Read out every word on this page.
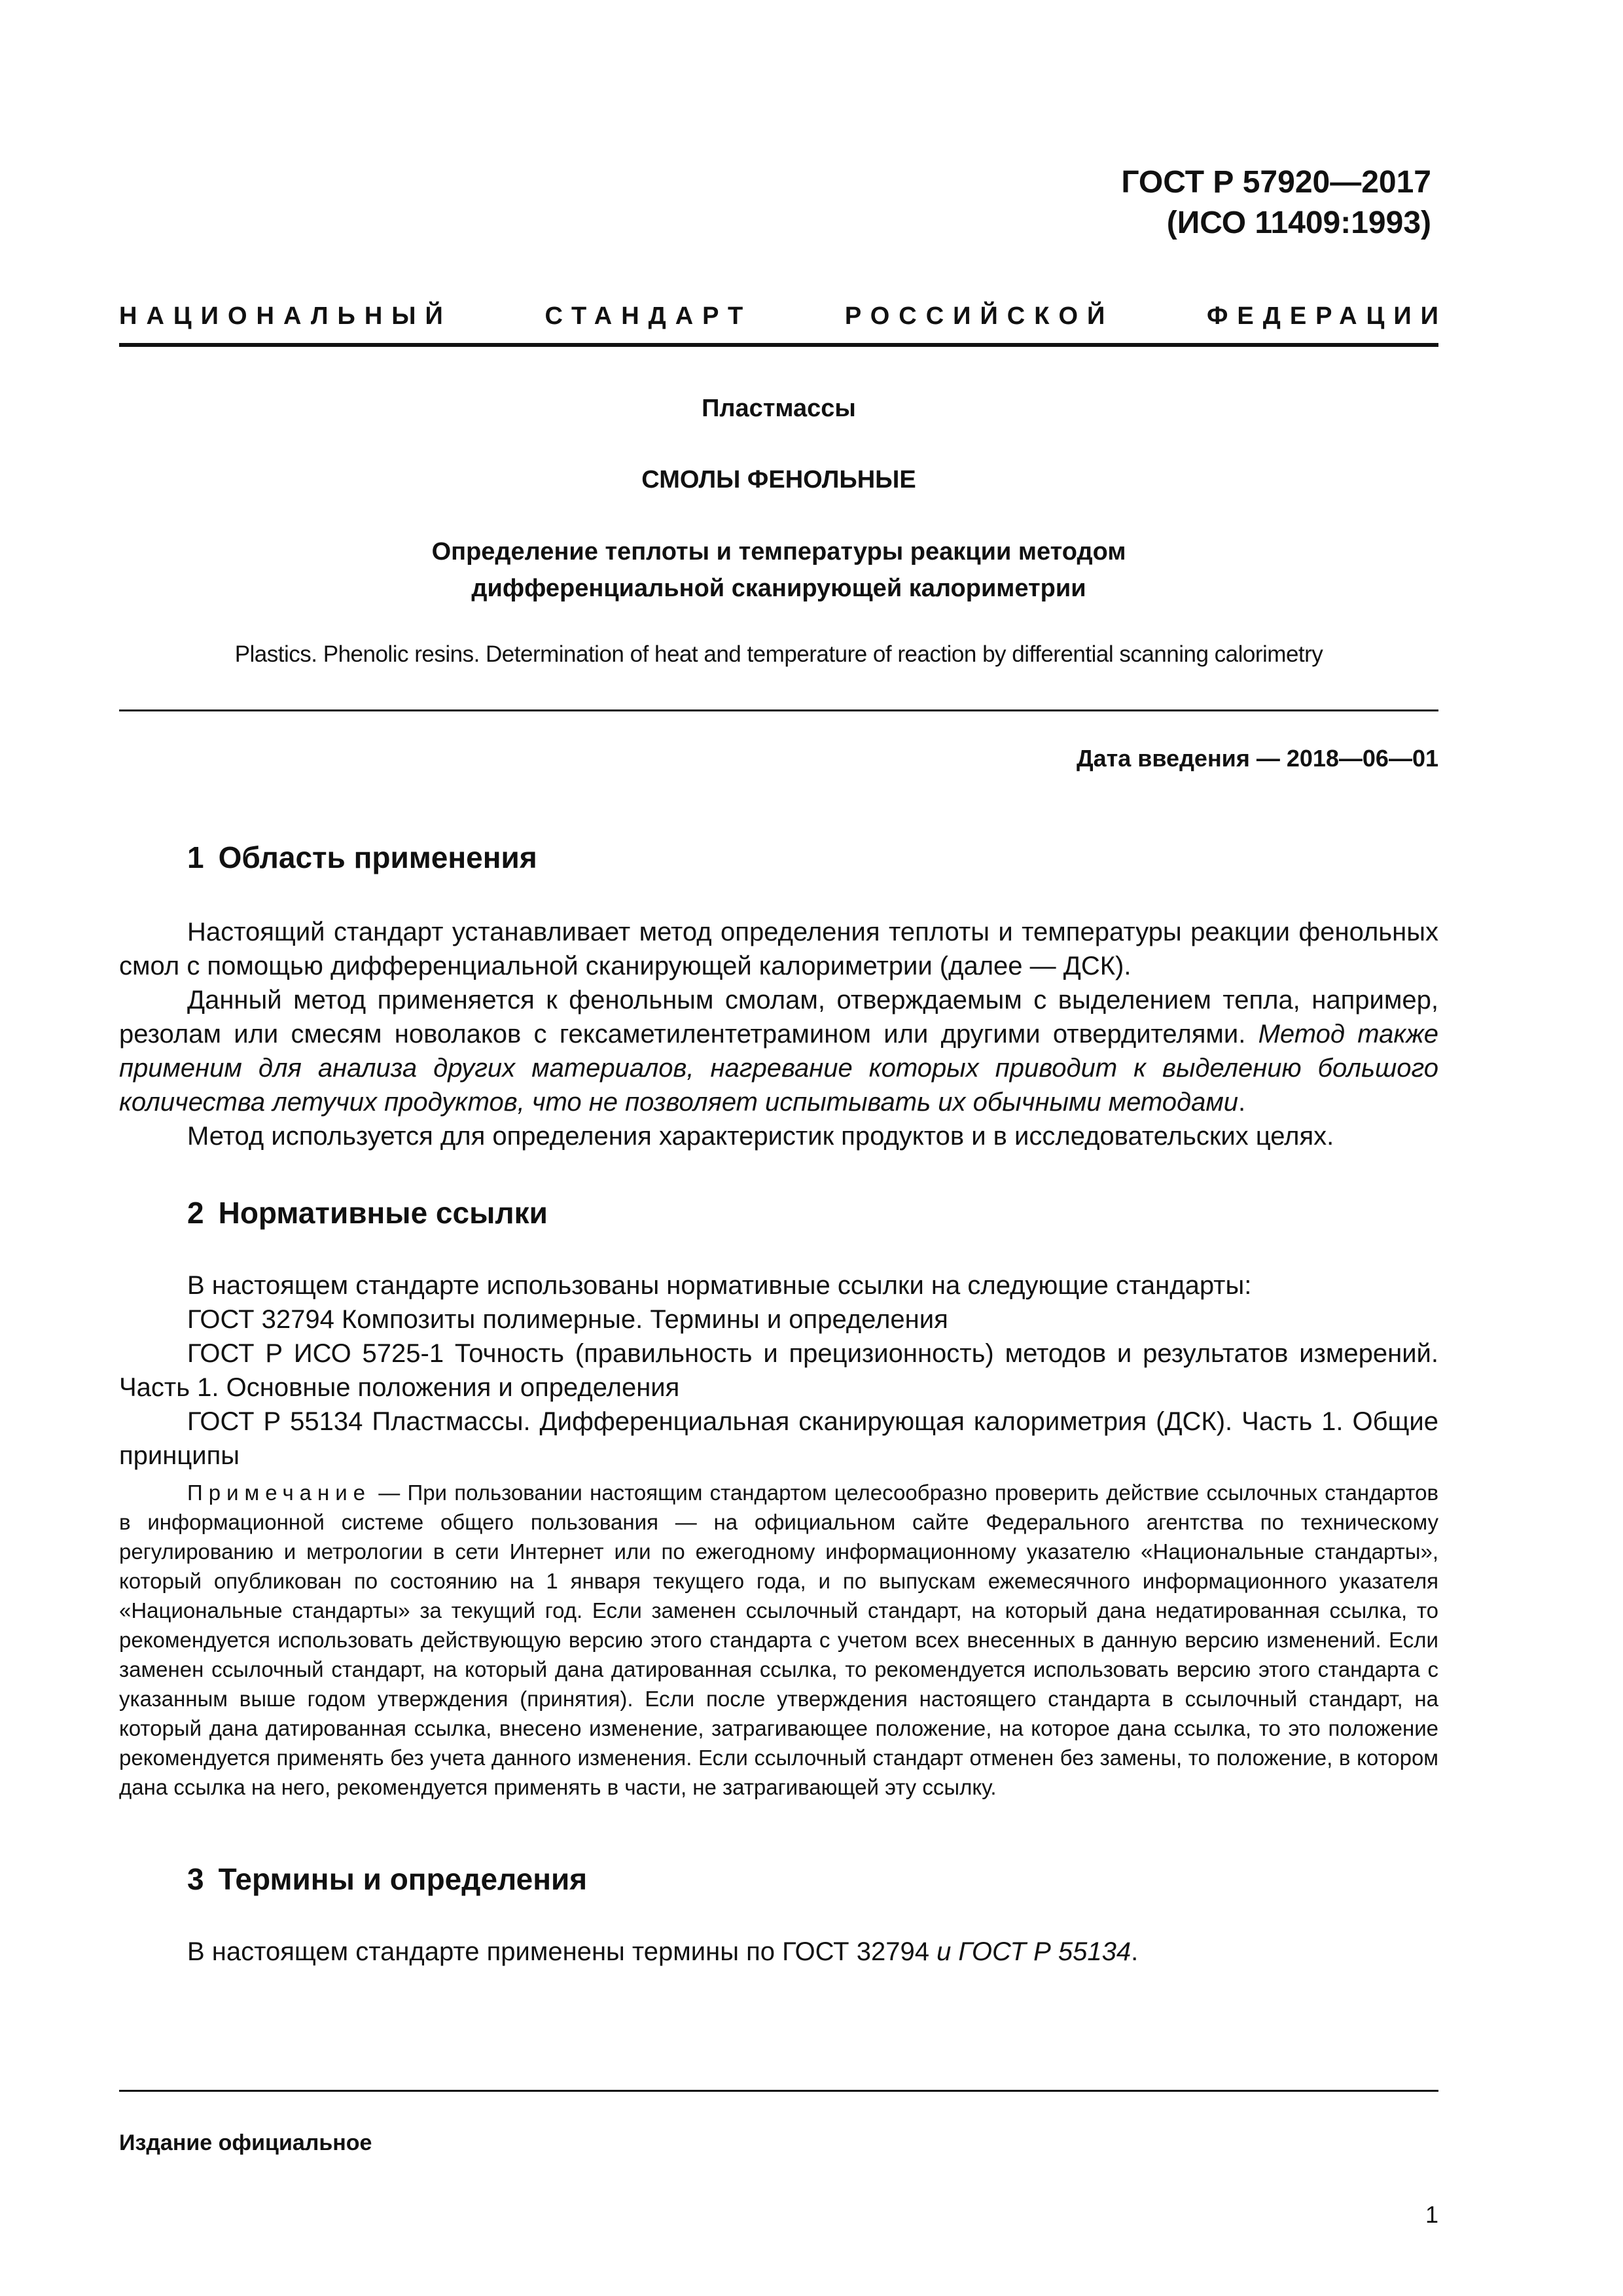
ГОСТ Р 57920—2017
(ИСО 11409:1993)
НАЦИОНАЛЬНЫЙ	СТАНДАРТ	РОССИЙСКОЙ	ФЕДЕРАЦИИ
Пластмассы
СМОЛЫ ФЕНОЛЬНЫЕ
Определение теплоты и температуры реакции методом
дифференциальной сканирующей калориметрии
Plastics. Phenolic resins. Determination of heat and temperature of reaction by differential scanning calorimetry
Дата введения — 2018—06—01
1 Область применения

Настоящий стандарт устанавливает метод определения теплоты и температуры реакции фенольных смол с помощью дифференциальной сканирующей калориметрии (далее — ДСК).

Данный метод применяется к фенольным смолам, отверждаемым с выделением тепла, например, резолам или смесям новолаков с гексаметилентетрамином или другими отвердителями. Метод также применим для анализа других материалов, нагревание которых приводит к выделению большого количества летучих продуктов, что не позволяет испытывать их обычными методами.

Метод используется для определения характеристик продуктов и в исследовательских целях.

2 Нормативные ссылки

В настоящем стандарте использованы нормативные ссылки на следующие стандарты:

ГОСТ 32794 Композиты полимерные. Термины и определения

ГОСТ Р ИСО 5725-1 Точность (правильность и прецизионность) методов и результатов измерений. Часть 1. Основные положения и определения

ГОСТ Р 55134 Пластмассы. Дифференциальная сканирующая калориметрия (ДСК). Часть 1. Общие принципы

Примечание — При пользовании настоящим стандартом целесообразно проверить действие ссылочных стандартов в информационной системе общего пользования — на официальном сайте Федерального агентства по техническому регулированию и метрологии в сети Интернет или по ежегодному информационному указателю «Национальные стандарты», который опубликован по состоянию на 1 января текущего года, и по выпускам ежемесячного информационного указателя «Национальные стандарты» за текущий год. Если заменен ссылочный стандарт, на который дана недатированная ссылка, то рекомендуется использовать действующую версию этого стандарта с учетом всех внесенных в данную версию изменений. Если заменен ссылочный стандарт, на который дана датированная ссылка, то рекомендуется использовать версию этого стандарта с указанным выше годом утверждения (принятия). Если после утверждения настоящего стандарта в ссылочный стандарт, на который дана датированная ссылка, внесено изменение, затрагивающее положение, на которое дана ссылка, то это положение рекомендуется применять без учета данного изменения. Если ссылочный стандарт отменен без замены, то положение, в котором дана ссылка на него, рекомендуется применять в части, не затрагивающей эту ссылку.

3 Термины и определения

В настоящем стандарте применены термины по ГОСТ 32794 и ГОСТ Р 55134.

Издание официальное
1
